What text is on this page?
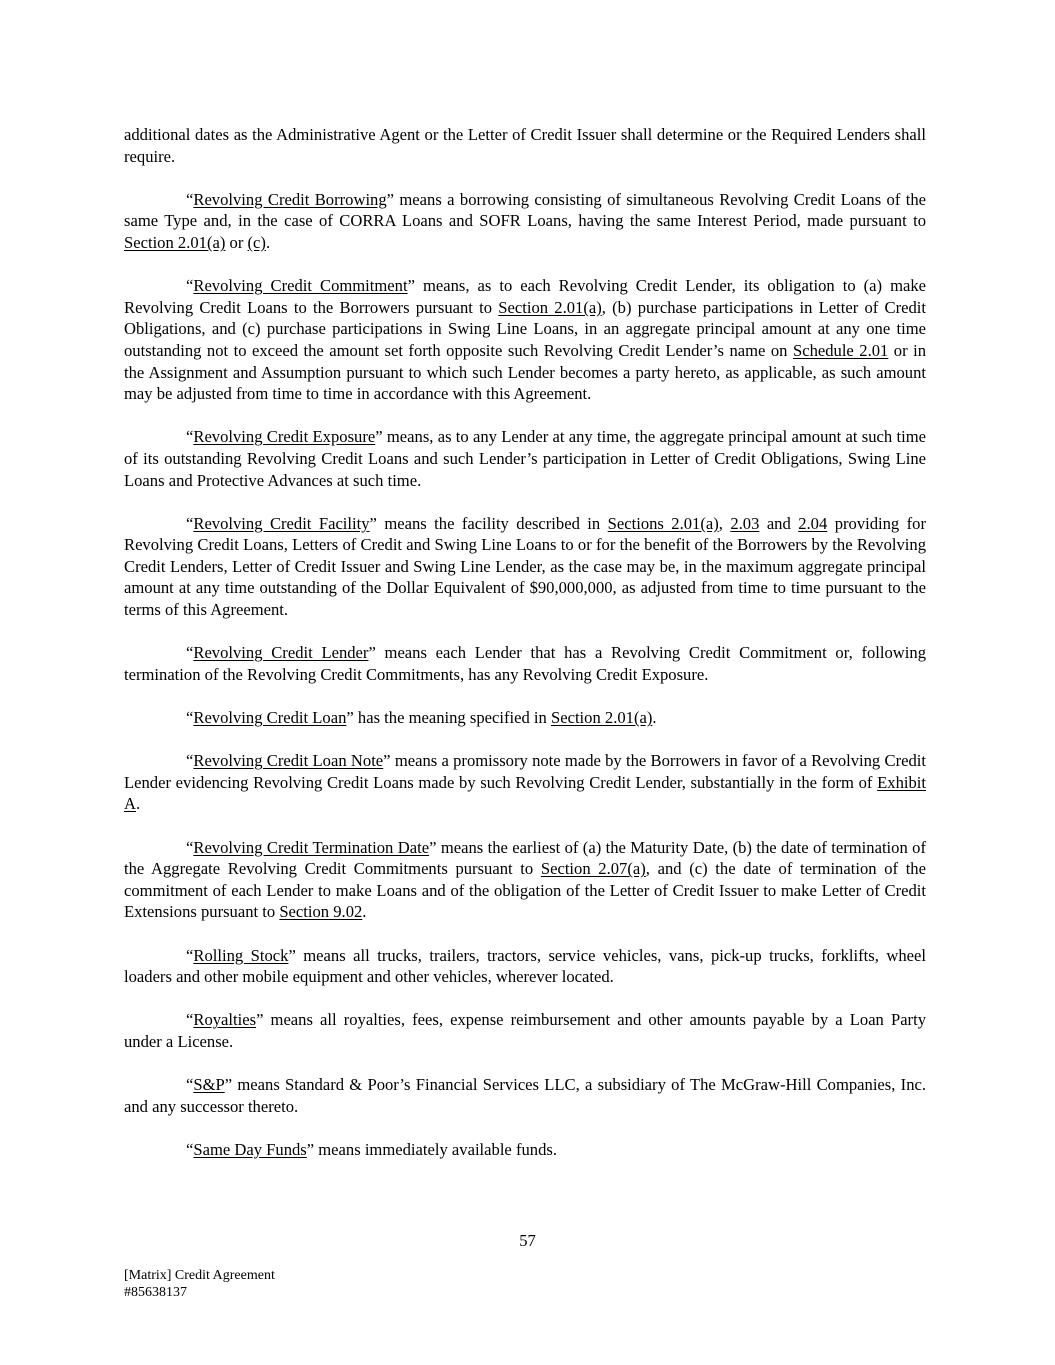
additional dates as the Administrative Agent or the Letter of Credit Issuer shall determine or the Required Lenders shall require.

“Revolving Credit Borrowing” means a borrowing consisting of simultaneous Revolving Credit Loans of the same Type and, in the case of CORRA Loans and SOFR Loans, having the same Interest Period, made pursuant to Section 2.01(a) or (c).

“Revolving Credit Commitment” means, as to each Revolving Credit Lender, its obligation to (a) make Revolving Credit Loans to the Borrowers pursuant to Section 2.01(a), (b) purchase participations in Letter of Credit Obligations, and (c) purchase participations in Swing Line Loans, in an aggregate principal amount at any one time outstanding not to exceed the amount set forth opposite such Revolving Credit Lender’s name on Schedule 2.01 or in the Assignment and Assumption pursuant to which such Lender becomes a party hereto, as applicable, as such amount may be adjusted from time to time in accordance with this Agreement.

“Revolving Credit Exposure” means, as to any Lender at any time, the aggregate principal amount at such time of its outstanding Revolving Credit Loans and such Lender’s participation in Letter of Credit Obligations, Swing Line Loans and Protective Advances at such time.

“Revolving Credit Facility” means the facility described in Sections 2.01(a), 2.03 and 2.04 providing for Revolving Credit Loans, Letters of Credit and Swing Line Loans to or for the benefit of the Borrowers by the Revolving Credit Lenders, Letter of Credit Issuer and Swing Line Lender, as the case may be, in the maximum aggregate principal amount at any time outstanding of the Dollar Equivalent of $90,000,000, as adjusted from time to time pursuant to the terms of this Agreement.

“Revolving Credit Lender” means each Lender that has a Revolving Credit Commitment or, following termination of the Revolving Credit Commitments, has any Revolving Credit Exposure.

“Revolving Credit Loan” has the meaning specified in Section 2.01(a).

“Revolving Credit Loan Note” means a promissory note made by the Borrowers in favor of a Revolving Credit Lender evidencing Revolving Credit Loans made by such Revolving Credit Lender, substantially in the form of Exhibit A.

“Revolving Credit Termination Date” means the earliest of (a) the Maturity Date, (b) the date of termination of the Aggregate Revolving Credit Commitments pursuant to Section 2.07(a), and (c) the date of termination of the commitment of each Lender to make Loans and of the obligation of the Letter of Credit Issuer to make Letter of Credit Extensions pursuant to Section 9.02.

“Rolling Stock” means all trucks, trailers, tractors, service vehicles, vans, pick-up trucks, forklifts, wheel loaders and other mobile equipment and other vehicles, wherever located.

“Royalties” means all royalties, fees, expense reimbursement and other amounts payable by a Loan Party under a License.

“S&P” means Standard & Poor’s Financial Services LLC, a subsidiary of The McGraw-Hill Companies, Inc. and any successor thereto.

“Same Day Funds” means immediately available funds.

57
[Matrix] Credit Agreement
#85638137
